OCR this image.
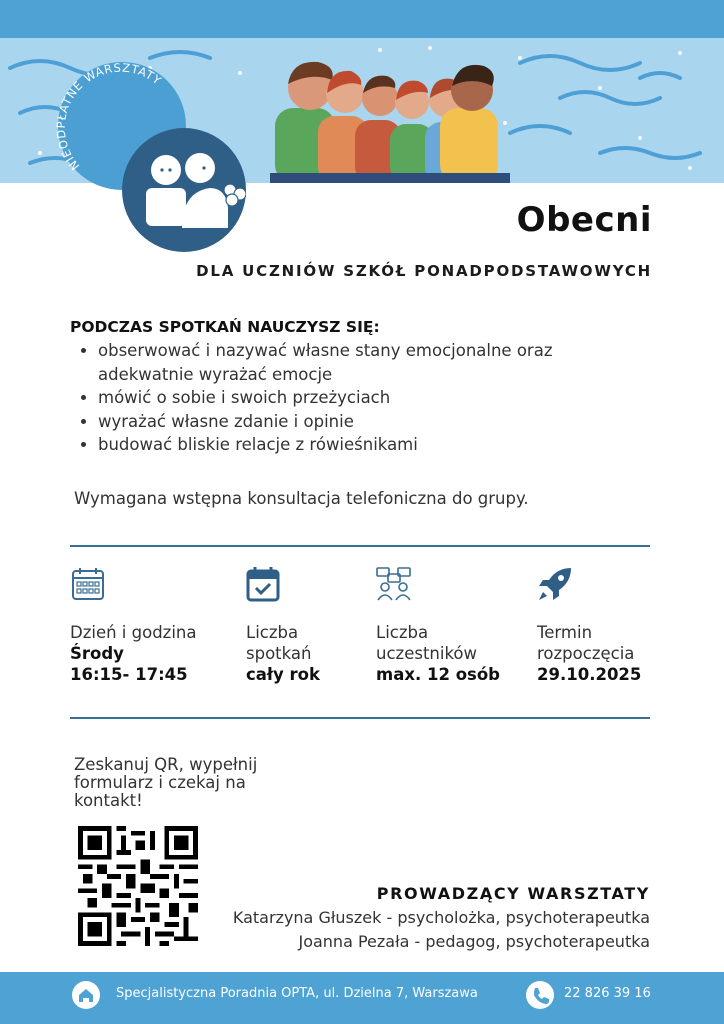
NIEODPŁATNE WARSZTATY
Obecni
DLA UCZNIÓW SZKÓŁ PONADPODSTAWOWYCH
PODCZAS SPOTKAŃ NAUCZYSZ SIĘ:
• obserwować i nazywać własne stany emocjonalne oraz adekwatnie wyrażać emocje
• mówić o sobie i swoich przeżyciach
• wyrażać własne zdanie i opinie
• budować bliskie relacje z rówieśnikami
Wymagana wstępna konsultacja telefoniczna do grupy.
Dzień i godzina
Środy
16:15- 17:45
Liczba spotkań
cały rok
Liczba uczestników
max. 12 osób
Termin rozpoczęcia
29.10.2025
Zeskanuj QR, wypełnij formularz i czekaj na kontakt!
PROWADZĄCY WARSZTATY
Katarzyna Głuszek - psycholożka, psychoterapeutka
Joanna Pezała - pedagog, psychoterapeutka
Specjalistyczna Poradnia OPTA, ul. Dzielna 7, Warszawa	22 826 39 16
